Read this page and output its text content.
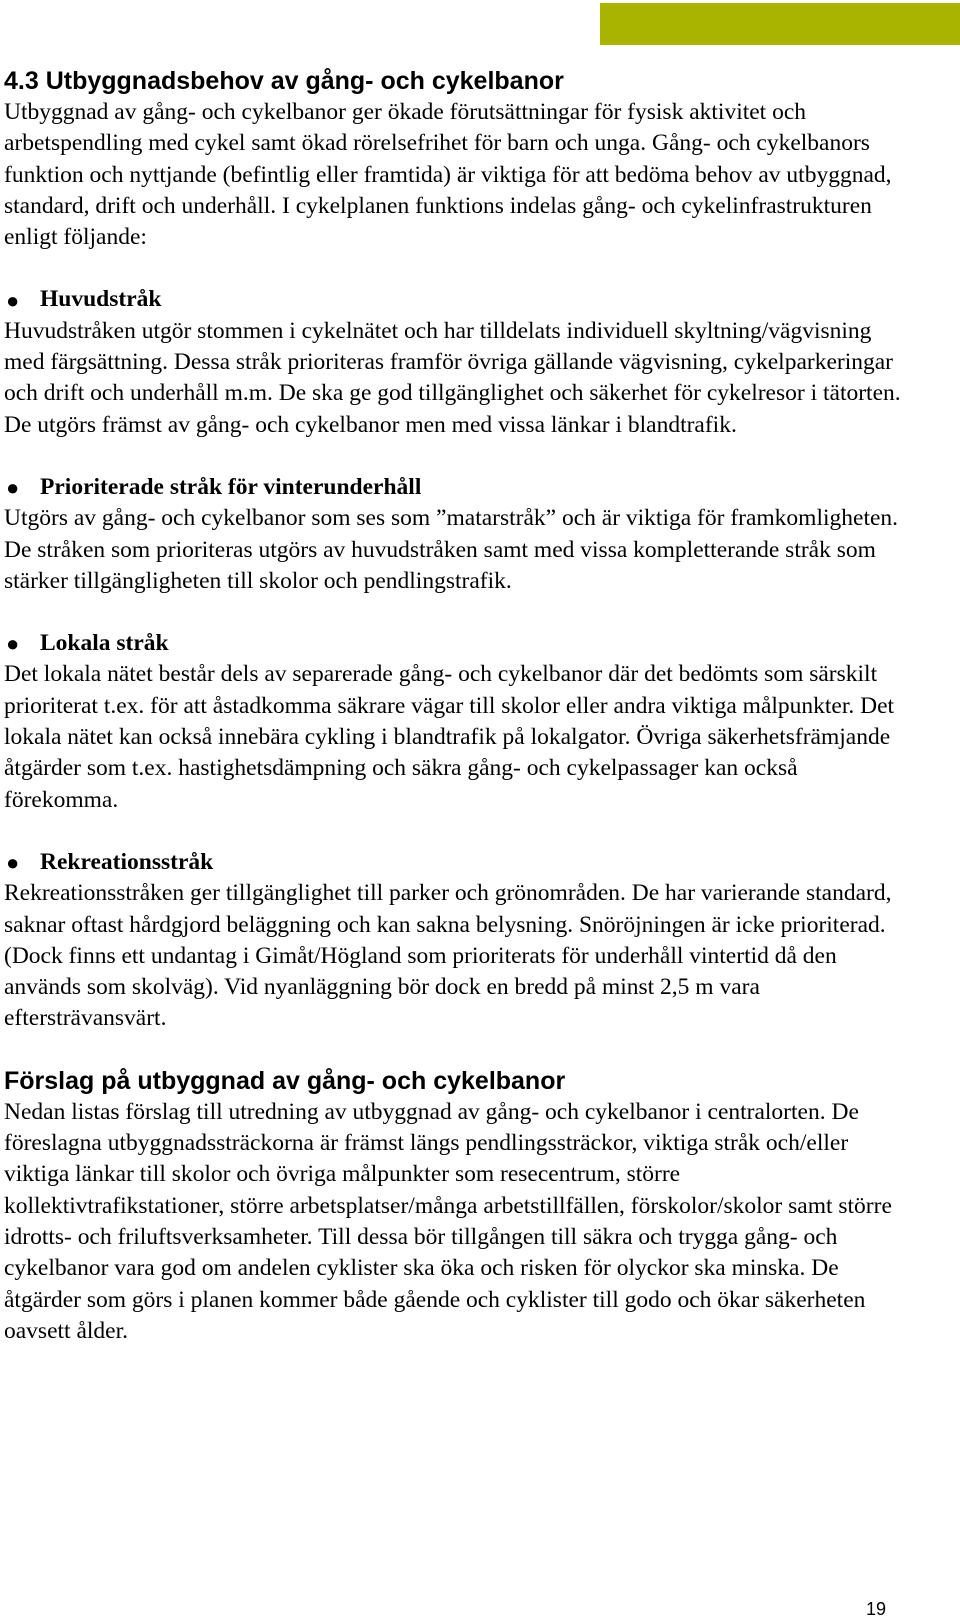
4.3 Utbyggnadsbehov av gång- och cykelbanor

Utbyggnad av gång- och cykelbanor ger ökade förutsättningar för fysisk aktivitet och arbetspendling med cykel samt ökad rörelsefrihet för barn och unga. Gång- och cykelbanors funktion och nyttjande (befintlig eller framtida) är viktiga för att bedöma behov av utbyggnad, standard, drift och underhåll. I cykelplanen funktions indelas gång- och cykelinfrastrukturen enligt följande:

● Huvudstråk

Huvudstråken utgör stommen i cykelnätet och har tilldelats individuell skyltning/vägvisning med färgsättning. Dessa stråk prioriteras framför övriga gällande vägvisning, cykelparkeringar och drift och underhåll m.m. De ska ge god tillgänglighet och säkerhet för cykelresor i tätorten. De utgörs främst av gång- och cykelbanor men med vissa länkar i blandtrafik.

● Prioriterade stråk för vinterunderhåll

Utgörs av gång- och cykelbanor som ses som ”matarstråk” och är viktiga för framkomligheten. De stråken som prioriteras utgörs av huvudstråken samt med vissa kompletterande stråk som stärker tillgängligheten till skolor och pendlingstrafik.

● Lokala stråk

Det lokala nätet består dels av separerade gång- och cykelbanor där det bedömts som särskilt prioriterat t.ex. för att åstadkomma säkrare vägar till skolor eller andra viktiga målpunkter. Det lokala nätet kan också innebära cykling i blandtrafik på lokalgator. Övriga säkerhetsfrämjande åtgärder som t.ex. hastighetsdämpning och säkra gång- och cykelpassager kan också förekomma.

● Rekreationsstråk

Rekreationsstråken ger tillgänglighet till parker och grönområden. De har varierande standard, saknar oftast hårdgjord beläggning och kan sakna belysning. Snöröjningen är icke prioriterad. (Dock finns ett undantag i Gimåt/Högland som prioriterats för underhåll vintertid då den används som skolväg). Vid nyanläggning bör dock en bredd på minst 2,5 m vara eftersträvansvärt.

Förslag på utbyggnad av gång- och cykelbanor

Nedan listas förslag till utredning av utbyggnad av gång- och cykelbanor i centralorten. De föreslagna utbyggnadssträckorna är främst längs pendlingssträckor, viktiga stråk och/eller viktiga länkar till skolor och övriga målpunkter som resecentrum, större kollektivtrafikstationer, större arbetsplatser/många arbetstillfällen, förskolor/skolor samt större idrotts- och friluftsverksamheter. Till dessa bör tillgången till säkra och trygga gång- och cykelbanor vara god om andelen cyklister ska öka och risken för olyckor ska minska. De åtgärder som görs i planen kommer både gående och cyklister till godo och ökar säkerheten oavsett ålder.

19
